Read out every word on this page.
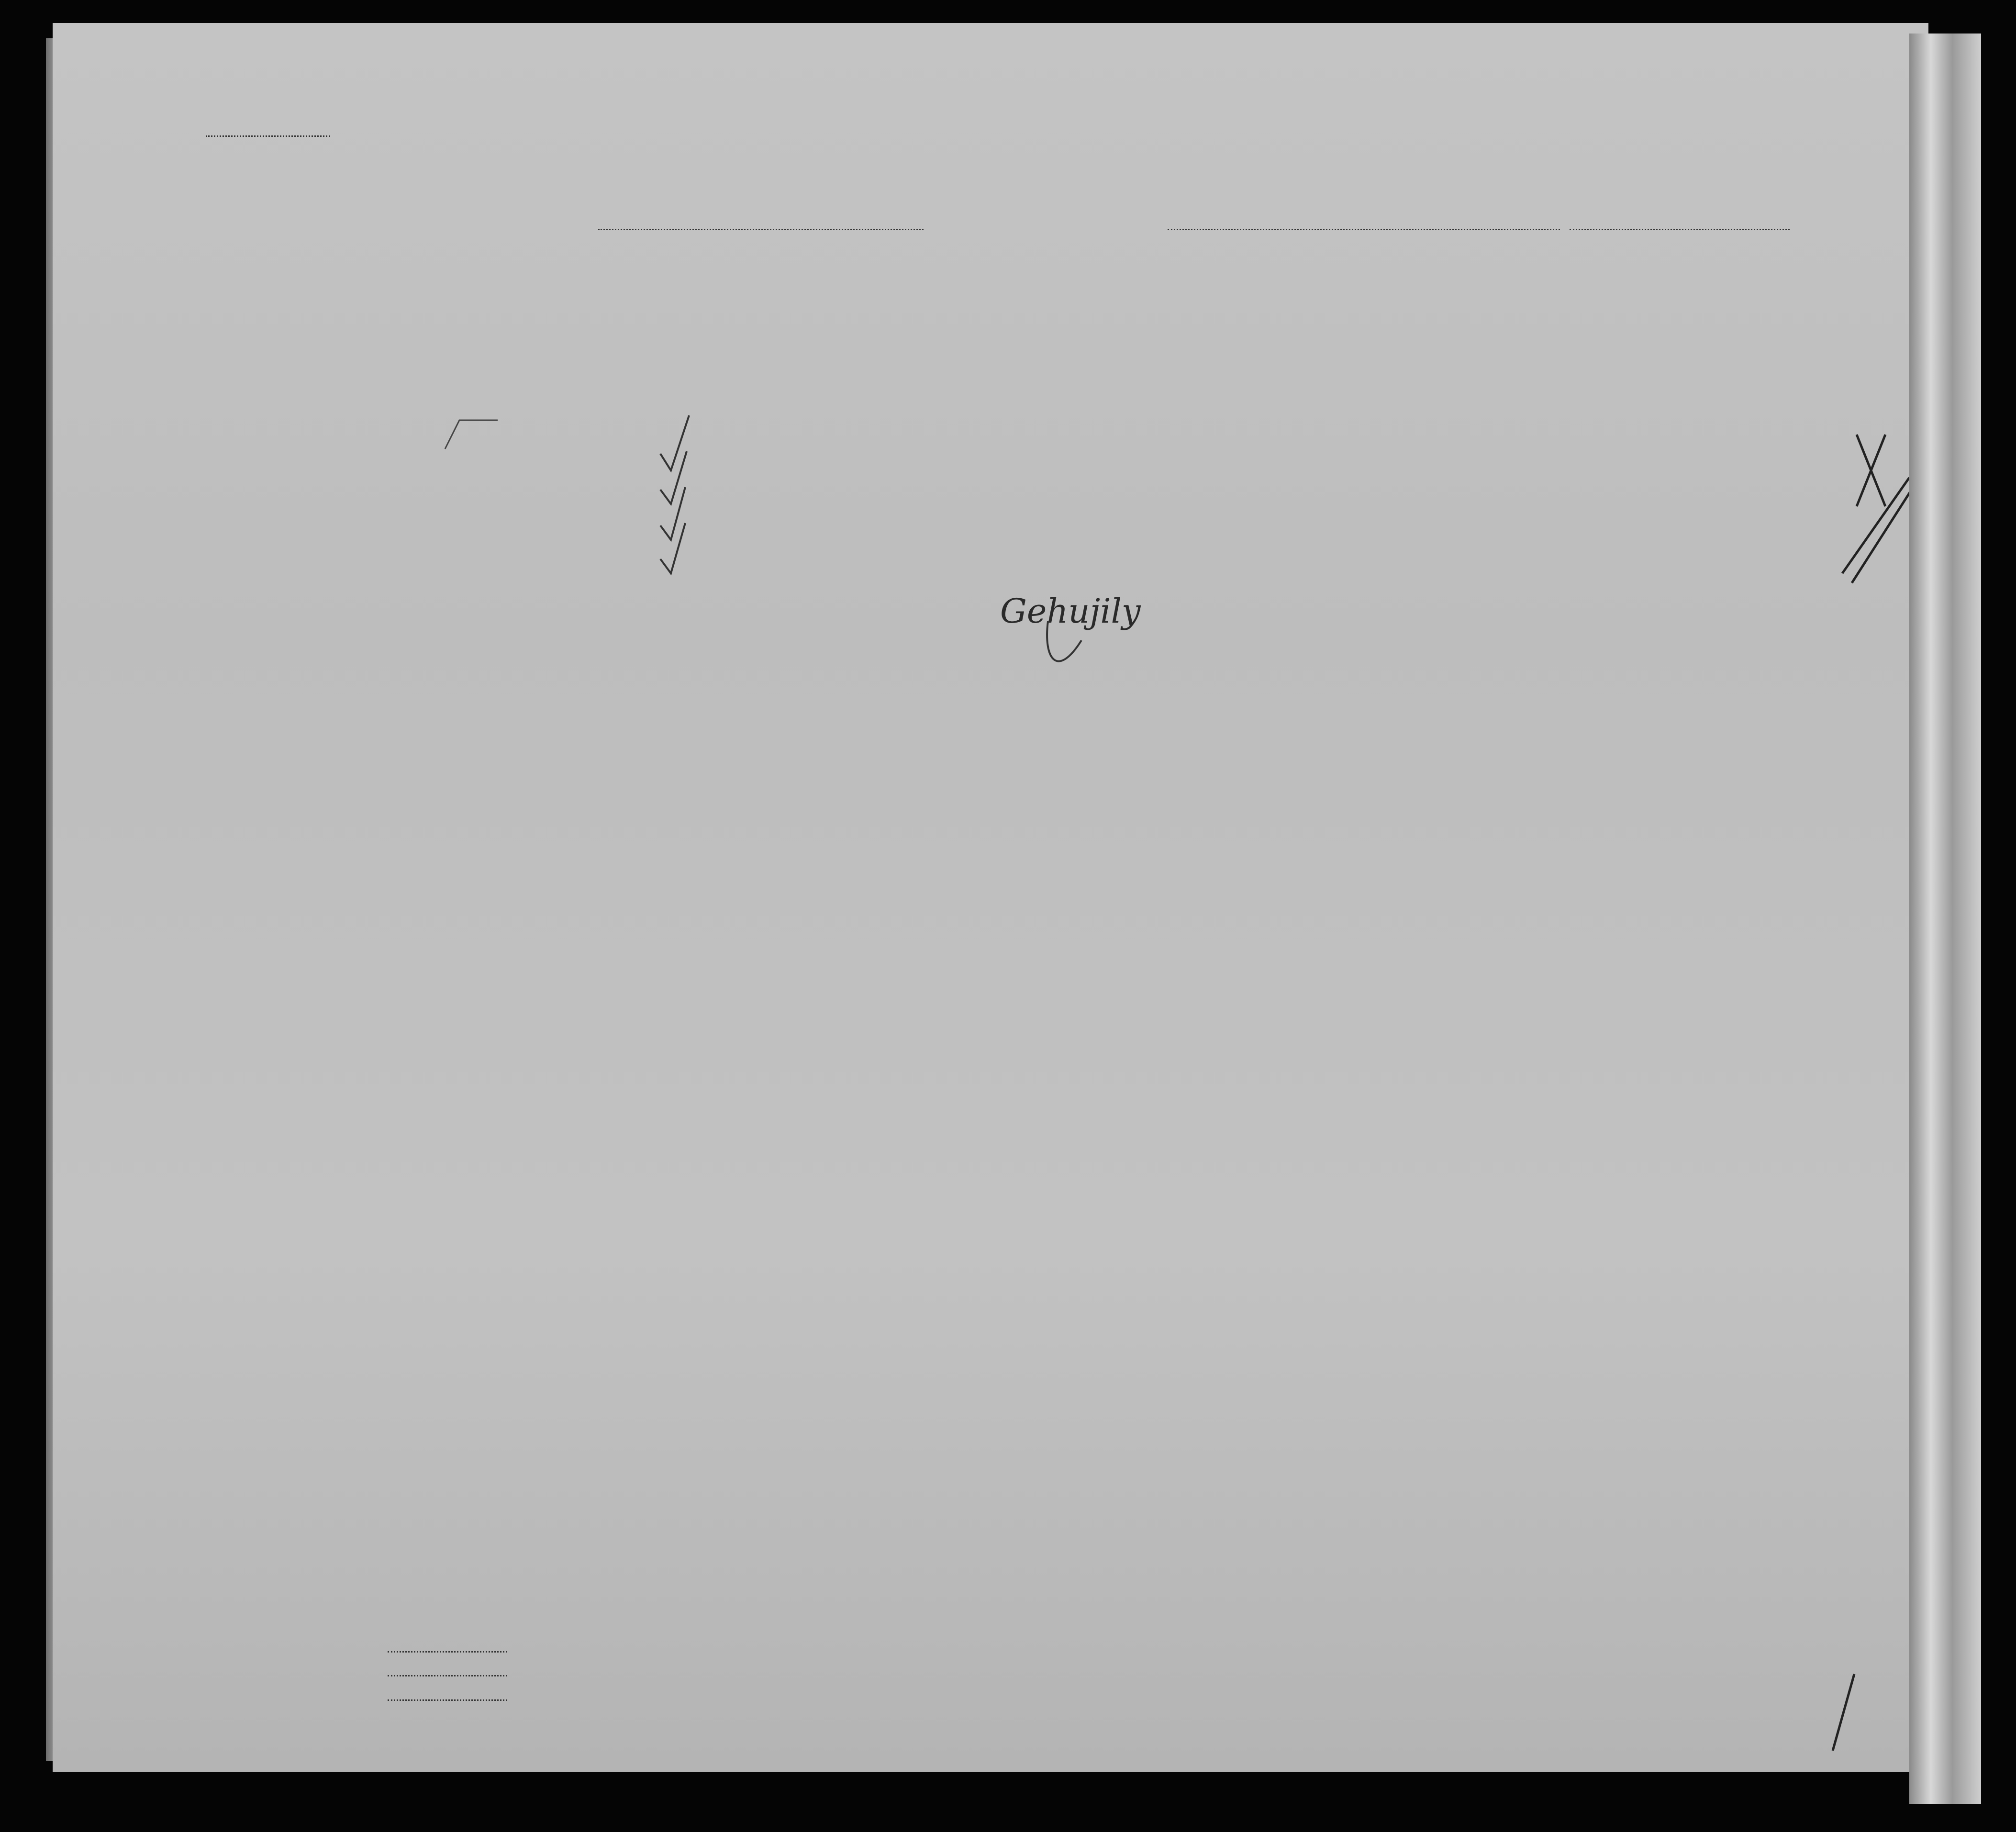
Gehujily
